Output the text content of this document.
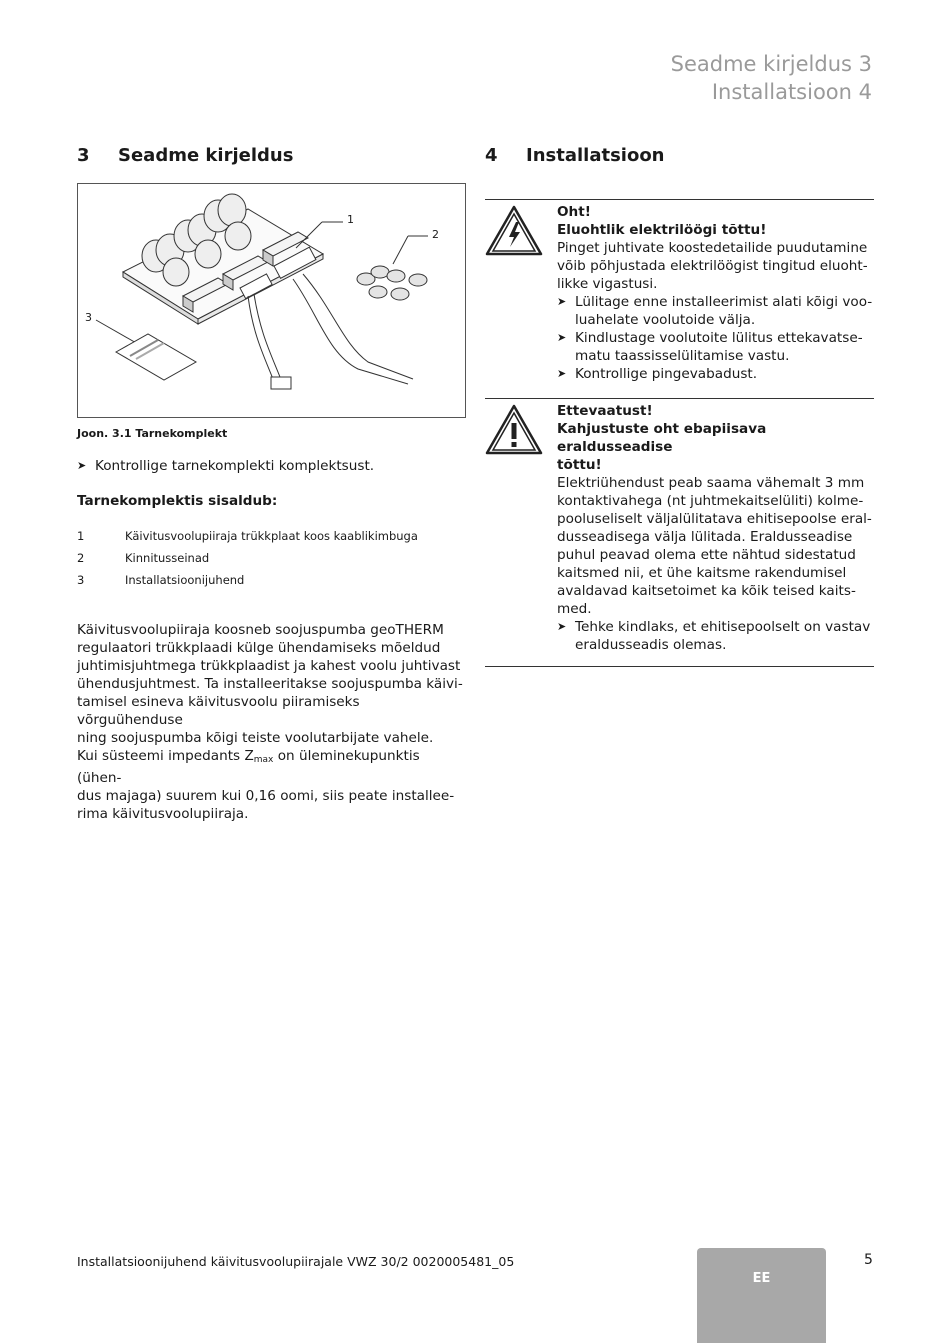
Seadme kirjeldus 3
Installatsioon 4
3	Seadme kirjeldus
1
2
3
Joon. 3.1 Tarnekomplekt
➤ Kontrollige tarnekomplekti komplektsust.
Tarnekomplektis sisaldub:
1	Käivitusvoolupiiraja trükkplaat koos kaablikimbuga
2	Kinnitusseinad
3	Installatsioonijuhend
Käivitusvoolupiiraja koosneb soojuspumba geoTHERM
regulaatori trükkplaadi külge ühendamiseks mõeldud
juhtimisjuhtmega trükkplaadist ja kahest voolu juhtivast
ühendusjuhtmest. Ta installeeritakse soojuspumba käivi-
tamisel esineva käivitusvoolu piiramiseks võrguühenduse
ning soojuspumba kõigi teiste voolutarbijate vahele.
Kui süsteemi impedants $Z_{max}$ on üleminekupunktis (ühen-
dus majaga) suurem kui 0,16 oomi, siis peate installee-
rima käivitusvoolupiiraja.
4	Installatsioon
Oht!
Eluohtlik elektrilöögi tõttu!
Pinget juhtivate koostedetailide puudutamine
võib põhjustada elektrilöögist tingitud eluoht-
likke vigastusi.
➤ Lülitage enne installeerimist alati kõigi voo-
luahelate voolutoide välja.
➤ Kindlustage voolutoite lülitus ettekavatse-
matu taassisselülitamise vastu.
➤ Kontrollige pingevabadust.
Ettevaatust!
Kahjustuste oht ebapiisava eraldusseadise
tõttu!
Elektriühendust peab saama vähemalt 3 mm
kontaktivahega (nt juhtmekaitselüliti) kolme-
pooluseliselt väljalülitatava ehitisepoolse eral-
dusseadisega välja lülitada. Eraldusseadise
puhul peavad olema ette nähtud sidestatud
kaitsmed nii, et ühe kaitsme rakendumisel
avaldavad kaitsetoimet ka kõik teised kaits-
med.
➤ Tehke kindlaks, et ehitisepoolselt on vastav
eraldusseadis olemas.
Installatsioonijuhend käivitusvoolupiirajale VWZ 30/2 0020005481_05
EE
5
